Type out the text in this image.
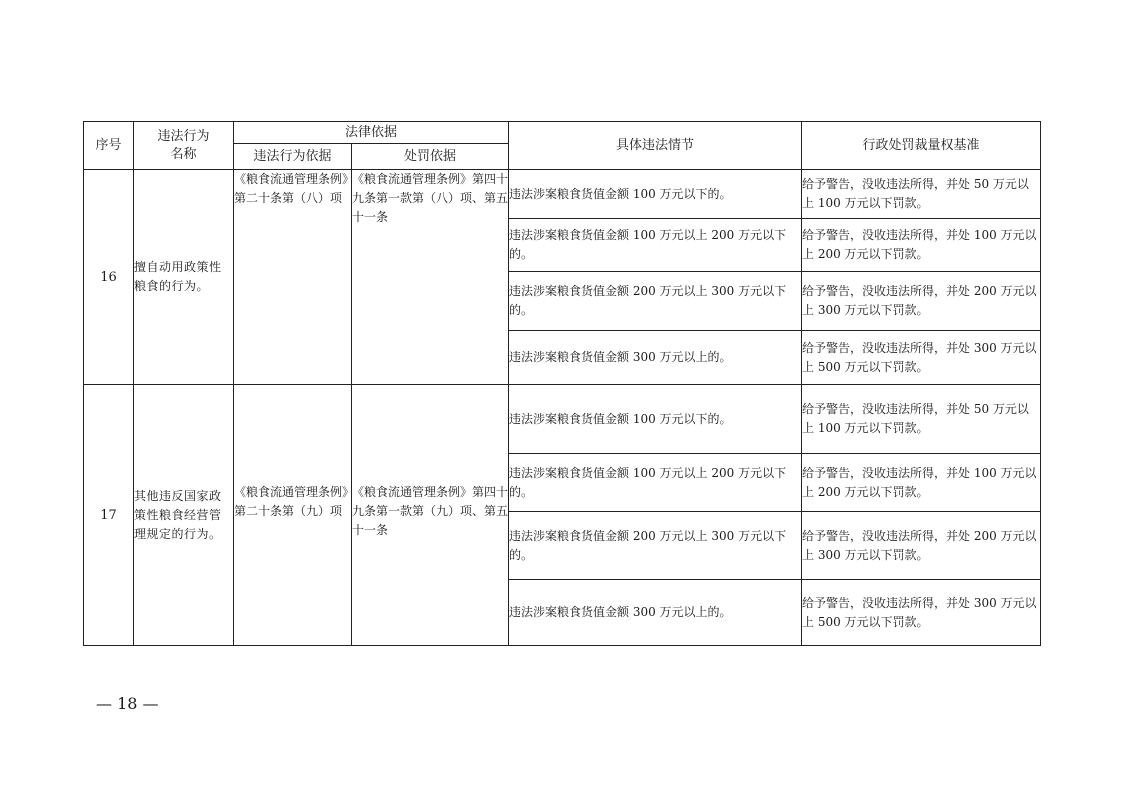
序号	违法行为名称	法律依据		具体违法情节	行政处罚裁量权基准
		违法行为依据	处罚依据		
16	擅自动用政策性粮食的行为。	《粮食流通管理条例》第二十条第（八）项	《粮食流通管理条例》第四十九条第一款第（八）项、第五十一条	违法涉案粮食货值金额 100 万元以下的。	给予警告，没收违法所得，并处 50 万元以上 100 万元以下罚款。
				违法涉案粮食货值金额 100 万元以上 200 万元以下的。	给予警告，没收违法所得，并处 100 万元以上 200 万元以下罚款。
				违法涉案粮食货值金额 200 万元以上 300 万元以下的。	给予警告，没收违法所得，并处 200 万元以上 300 万元以下罚款。
				违法涉案粮食货值金额 300 万元以上的。	给予警告，没收违法所得，并处 300 万元以上 500 万元以下罚款。
17	其他违反国家政策性粮食经营管理规定的行为。	《粮食流通管理条例》第二十条第（九）项	《粮食流通管理条例》第四十九条第一款第（九）项、第五十一条	违法涉案粮食货值金额 100 万元以下的。	给予警告，没收违法所得，并处 50 万元以上 100 万元以下罚款。
				违法涉案粮食货值金额 100 万元以上 200 万元以下的。	给予警告，没收违法所得，并处 100 万元以上 200 万元以下罚款。
				违法涉案粮食货值金额 200 万元以上 300 万元以下的。	给予警告，没收违法所得，并处 200 万元以上 300 万元以下罚款。
				违法涉案粮食货值金额 300 万元以上的。	给予警告，没收违法所得，并处 300 万元以上 500 万元以下罚款。
— 18 —
